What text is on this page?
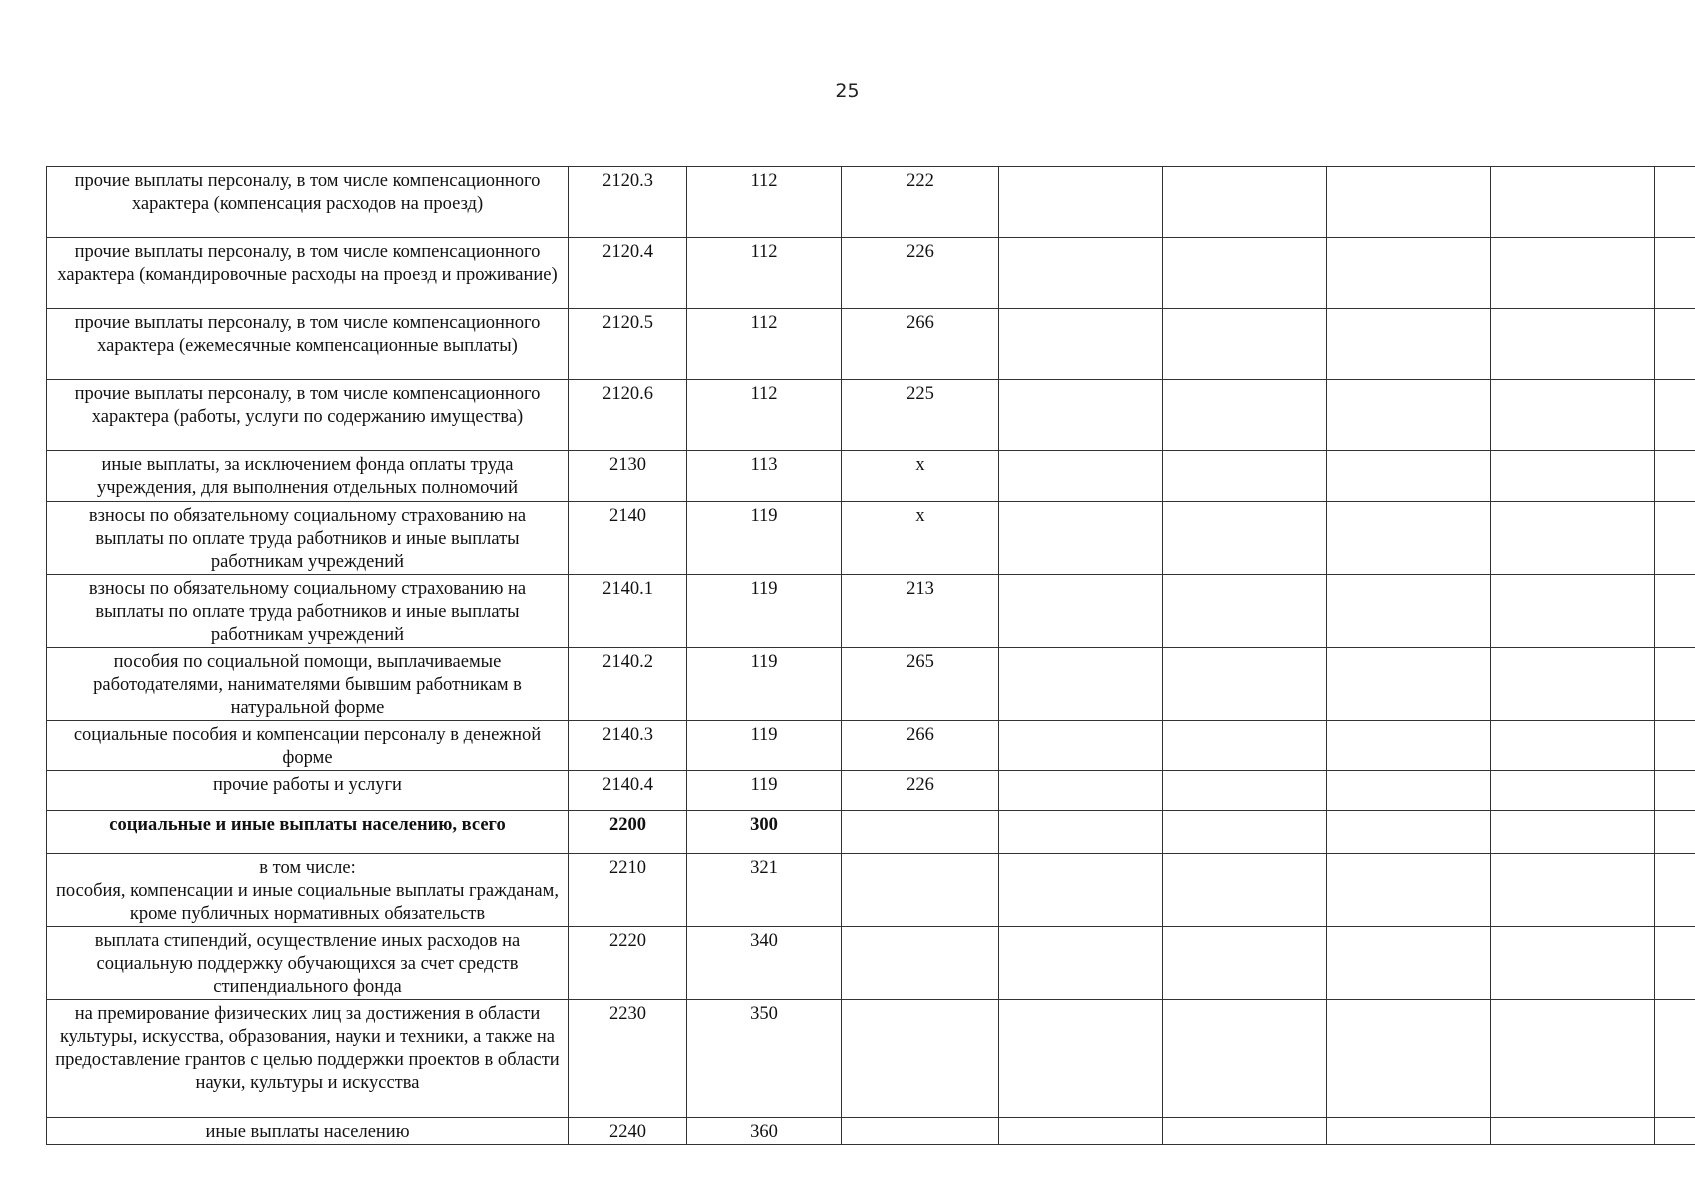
25
прочие выплаты персоналу, в том числе компенсационного характера (компенсация расходов на проезд)	2120.3	112	222					
прочие выплаты персоналу, в том числе компенсационного характера (командировочные расходы на проезд и проживание)	2120.4	112	226					
прочие выплаты персоналу, в том числе компенсационного характера (ежемесячные компенсационные выплаты)	2120.5	112	266					
прочие выплаты персоналу, в том числе компенсационного характера (работы, услуги по содержанию имущества)	2120.6	112	225					
иные выплаты, за исключением фонда оплаты труда учреждения, для выполнения отдельных полномочий	2130	113	х					
взносы по обязательному социальному страхованию на выплаты по оплате труда работников и иные выплаты работникам учреждений	2140	119	х					
взносы по обязательному социальному страхованию на выплаты по оплате труда работников и иные выплаты работникам учреждений	2140.1	119	213					
пособия по социальной помощи, выплачиваемые работодателями, нанимателями бывшим работникам в натуральной форме	2140.2	119	265					
социальные пособия и компенсации персоналу в денежной форме	2140.3	119	266					
прочие работы и услуги	2140.4	119	226					
социальные и иные выплаты населению, всего	2200	300						
в том числе:
пособия, компенсации и иные социальные выплаты гражданам, кроме публичных нормативных обязательств	2210	321						
выплата стипендий, осуществление иных расходов на социальную поддержку обучающихся за счет средств стипендиального фонда	2220	340						
на премирование физических лиц за достижения в области культуры, искусства, образования, науки и техники, а также на предоставление грантов с целью поддержки проектов в области науки, культуры и искусства	2230	350						
иные выплаты населению	2240	360						
